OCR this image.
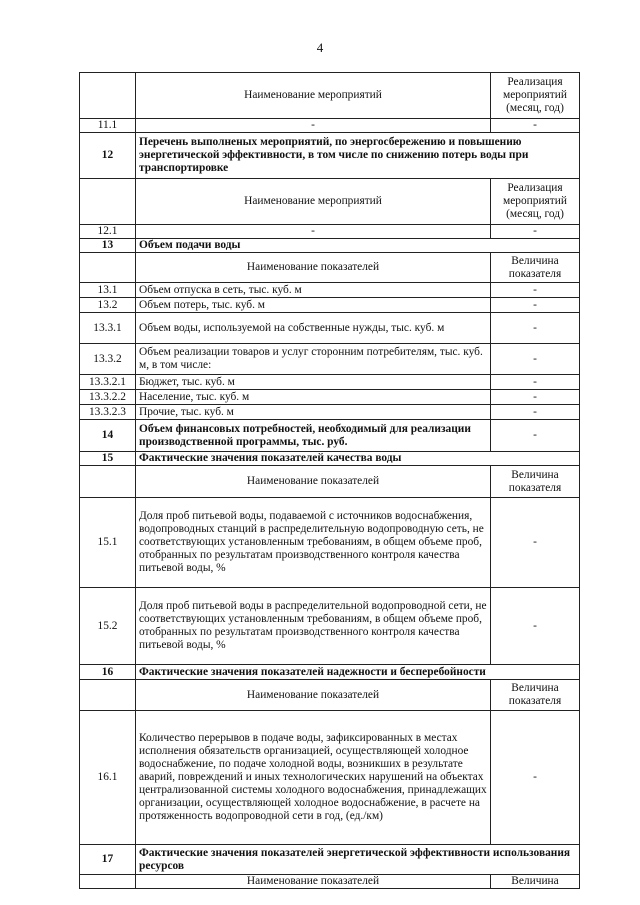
4
	Наименование мероприятий	Реализация мероприятий (месяц, год)
11.1	-	-
12	Перечень выполненых мероприятий, по энергосбережению и повышению энергетической эффективности, в том числе по снижению потерь воды при транспортировке	
	Наименование мероприятий	Реализация мероприятий (месяц, год)
12.1	-	-
13	Объем подачи воды	
	Наименование показателей	Величина показателя
13.1	Объем отпуска в сеть, тыс. куб. м	-
13.2	Объем потерь, тыс. куб. м	-
13.3.1	Объем воды, используемой на собственные нужды, тыс. куб. м	-
13.3.2	Объем реализации товаров и услуг сторонним потребителям, тыс. куб. м, в том числе:	-
13.3.2.1	Бюджет, тыс. куб. м	-
13.3.2.2	Население, тыс. куб. м	-
13.3.2.3	Прочие, тыс. куб. м	-
14	Объем финансовых потребностей, необходимый для реализации производственной программы, тыс. руб.	-
15	Фактические значения показателей качества воды	
	Наименование показателей	Величина показателя
15.1	Доля проб питьевой воды, подаваемой с источников водоснабжения, водопроводных станций в распределительную водопроводную сеть, не соответствующих установленным требованиям, в общем объеме проб, отобранных по результатам производственного контроля качества питьевой воды, %	-
15.2	Доля проб питьевой воды в распределительной водопроводной сети, не соответствующих установленным требованиям, в общем объеме проб, отобранных по результатам производственного контроля качества питьевой воды, %	-
16	Фактические значения показателей надежности и бесперебойности	
	Наименование показателей	Величина показателя
16.1	Количество перерывов в подаче воды, зафиксированных в местах исполнения обязательств организацией, осуществляющей холодное водоснабжение, по подаче холодной воды, возникших в результате аварий, повреждений и иных технологических нарушений на объектах централизованной системы холодного водоснабжения, принадлежащих организации, осуществляющей холодное водоснабжение, в расчете на протяженность водопроводной сети в год, (ед./км)	-
17	Фактические значения показателей энергетической эффективности использования ресурсов	
	Наименование показателей	Величина
